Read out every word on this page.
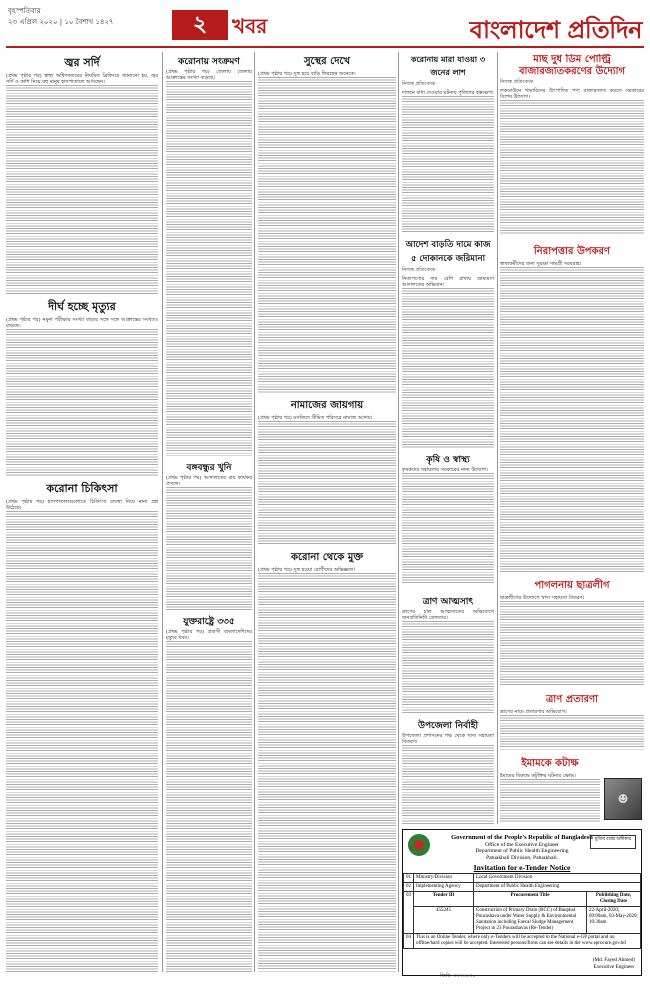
বৃহস্পতিবার
২৩ এপ্রিল ২০২০ | ১০ বৈশাখ ১৪২৭	২	খবর	বাংলাদেশ প্রতিদিন
জ্বর সর্দি
(প্রথম পৃষ্ঠার পর) স্বাস্থ্য অধিদফতরের নিয়মিত ব্রিফিংয়ে জানানো হয়, জ্বর সর্দি ও কাশি নিয়ে বহু মানুষ হাসপাতালে আসছেন।
দীর্ঘ হচ্ছে মৃত্যুর
(প্রথম পৃষ্ঠার পর) নমুনা পরীক্ষার সংখ্যা বাড়ার সঙ্গে সঙ্গে আক্রান্তের সংখ্যাও বাড়ছে।
করোনা চিকিৎসা
(প্রথম পৃষ্ঠার পর) হাসপাতালগুলোতে চিকিৎসা ব্যবস্থা নিয়ে নানা প্রশ্ন উঠেছে।
করোনায় সংক্রমণ
(প্রথম পৃষ্ঠার পর) জেলায় জেলায় আক্রান্তের সংখ্যা বাড়ছে।
বঙ্গবন্ধুর খুনি
(প্রথম পৃষ্ঠার পর) আদালতের রায় কার্যকর প্রসঙ্গে।
যুক্তরাষ্ট্রে ৩৩৫
(প্রথম পৃষ্ঠার পর) প্রবাসী বাংলাদেশিদের মৃত্যুর খবর।
সুস্থের দেখে
(প্রথম পৃষ্ঠার পর) সুস্থ হয়ে বাড়ি ফিরছেন অনেকে।
নামাজের জায়গায়
(প্রথম পৃষ্ঠার পর) মসজিদে সীমিত পরিসরে নামাজ আদায়।
করোনা থেকে মুক্ত
(প্রথম পৃষ্ঠার পর) সুস্থ হওয়া রোগীদের অভিজ্ঞতা।
করোনায় মারা যাওয়া ৩ জনের লাশ
নিজস্ব প্রতিবেদক
দাফনে বাধা দেওয়ার ঘটনায় পুলিশের হস্তক্ষেপ।
আদেশ বাড়তি দামে কাজ ৫ দোকানকে জরিমানা
নিজস্ব প্রতিবেদক
নিত্যপণ্যের দাম বেশি রাখায় ভ্রাম্যমাণ আদালতের অভিযান।
কৃষি ও স্বাস্থ্য
কৃষকদের সহায়তায় সরকারের নানা উদ্যোগ।
ত্রাণ আত্মসাৎ
ত্রাণের চাল আত্মসাতের অভিযোগে জনপ্রতিনিধি গ্রেফতার।
উপজেলা নির্বাহী
উপজেলা প্রশাসনের পক্ষ থেকে খাদ্য সহায়তা বিতরণ।
মাছ দুধ ডিম পোল্ট্রি বাজারজাতকরণের উদ্যোগ
নিজস্ব প্রতিবেদক
লকডাউনে খামারিদের উৎপাদিত পণ্য বাজারজাত করতে সরকারের বিশেষ উদ্যোগ।
নিরাপত্তার উপকরণ
স্বাস্থ্যকর্মীদের জন্য সুরক্ষা সামগ্রী সরবরাহ।
পাগলনায় ছাত্রলীগ
ছাত্রলীগের উদ্যোগে খাদ্য সহায়তা বিতরণ।
ত্রাণ প্রতারণা
ত্রাণের নামে প্রতারণার অভিযোগ।
ইমামকে কটাক্ষ
ইমামের বিরুদ্ধে কটূক্তির ঘটনায় ক্ষোভ।
☻
মুজিব বর্ষের অঙ্গীকার
Government of the People's Republic of Bangladesh
Office of the Executive Engineer
Department of Public Health Engineering
Patuakhali Division, Patuakhali.
Invitation for e-Tender Notice
01	Ministry/Division	Local Government Division	
02	Implementing Agency	Department of Public Health Engineering	
03	Tender ID	Procurement Title	Publishing Date, Closing Date
	455245	Construction of Primary Drain (RCC) of Bauphal Pourashava under Water Supply & Environmental Sanitation including Faecal Sludge Management Project in 23 Pourashavas (Re-Tender)	22-April-2020; 09:00am, 03-May-2020; 10:30am
04	This is an Online Tender, where only e-Tenders will be accepted in the National e-GP portal and no offline/hard copies will be accepted. Interested persons/firms can see details in the www.eprocure.gov.bd		
(Md. Fayed Ahmed)
Executive Engineer
জিডি-৩৩৭৬২৩০
